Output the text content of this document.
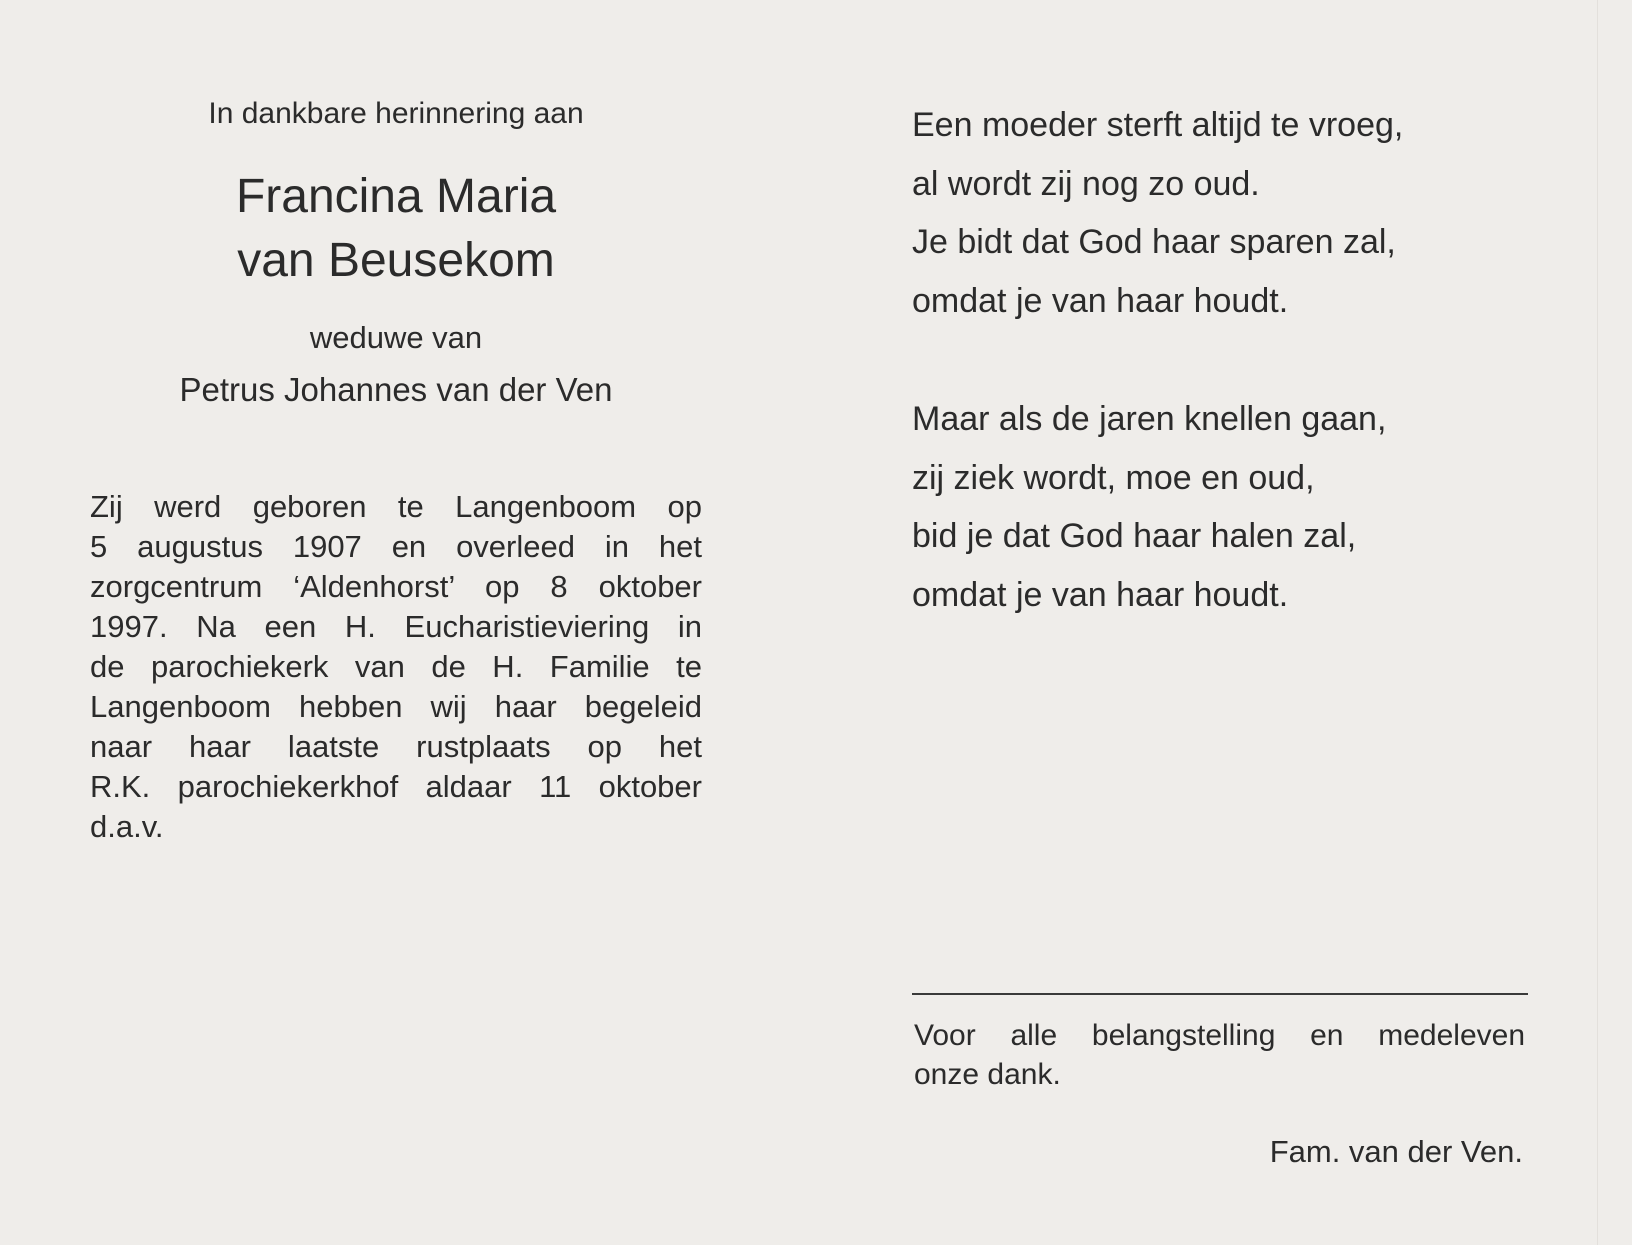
In dankbare herinnering aan
Francina Maria
van Beusekom
weduwe van
Petrus Johannes van der Ven
Zij werd geboren te Langenboom op
5 augustus 1907 en overleed in het
zorgcentrum ‘Aldenhorst’ op 8 oktober
1997. Na een H. Eucharistieviering in
de parochiekerk van de H. Familie te
Langenboom hebben wij haar begeleid
naar haar laatste rustplaats op het
R.K. parochiekerkhof aldaar 11 oktober
d.a.v.
Een moeder sterft altijd te vroeg,
al wordt zij nog zo oud.
Je bidt dat God haar sparen zal,
omdat je van haar houdt.
Maar als de jaren knellen gaan,
zij ziek wordt, moe en oud,
bid je dat God haar halen zal,
omdat je van haar houdt.
Voor alle belangstelling en medeleven
onze dank.
Fam. van der Ven.
